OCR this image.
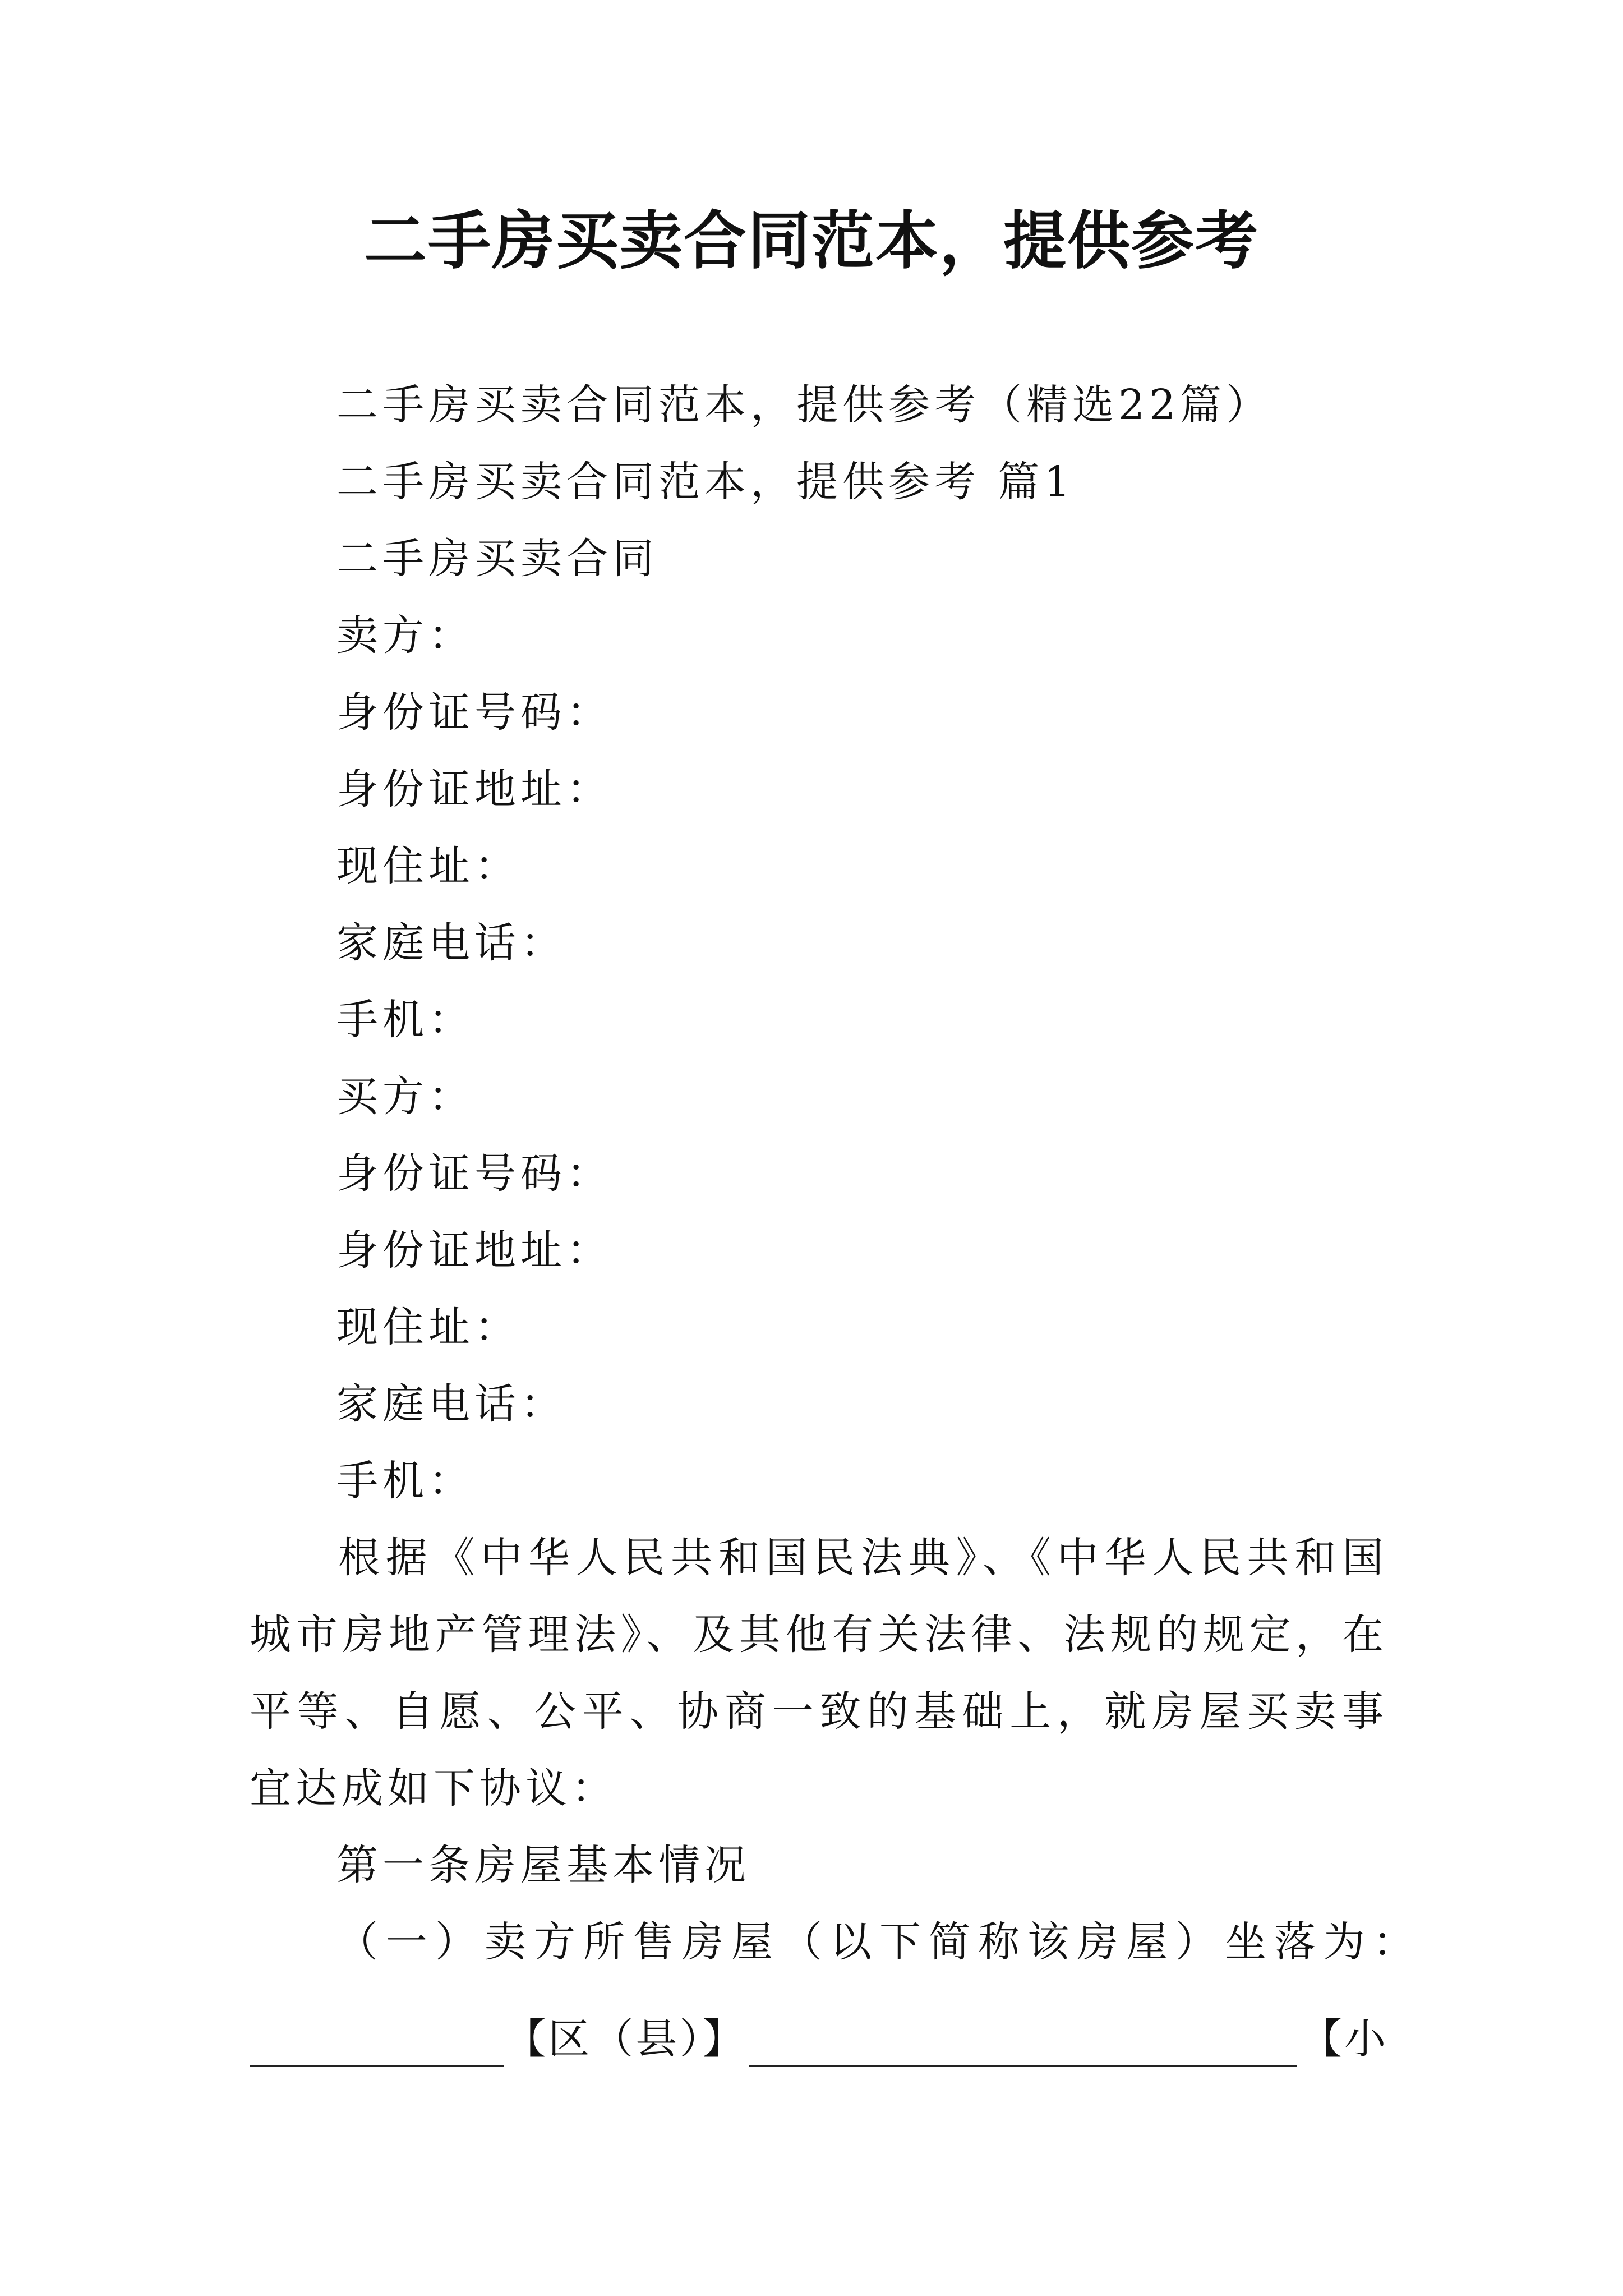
二手房买卖合同范本，提供参考
二手房买卖合同范本，提供参考（精选22篇）
二手房买卖合同范本，提供参考 篇1
二手房买卖合同
卖方：
身份证号码：
身份证地址：
现住址：
家庭电话：
手机：
买方：
身份证号码：
身份证地址：
现住址：
家庭电话：
手机：
根据《中华人民共和国民法典》、《中华人民共和国城市房地产管理法》、及其他有关法律、法规的规定，在平等、自愿、公平、协商一致的基础上，就房屋买卖事宜达成如下协议：
第一条房屋基本情况
（一）卖方所售房屋（以下简称该房屋）坐落为：
【区（县）】	【小
